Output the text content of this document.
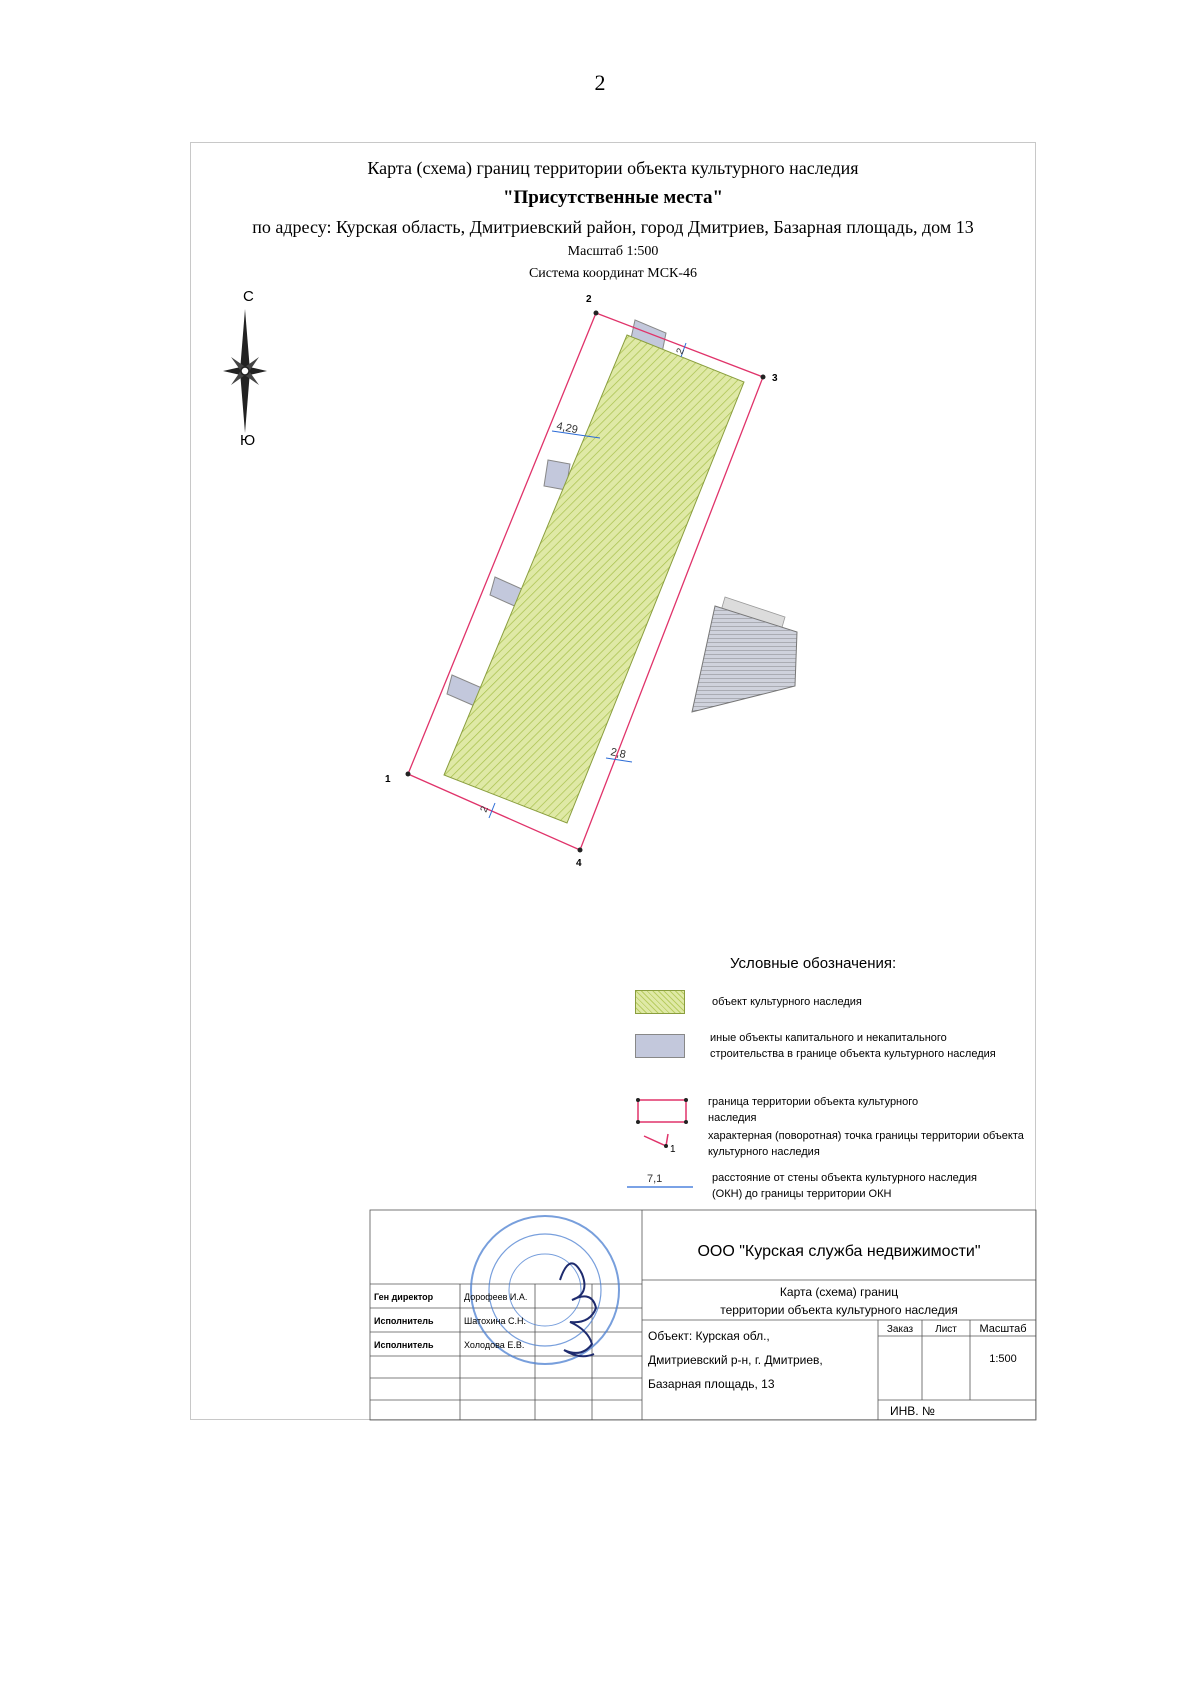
2
Карта (схема) границ территории объекта культурного наследия
"Присутственные места"
по адресу: Курская область, Дмитриевский район, город Дмитриев, Базарная площадь, дом 13
Масштаб 1:500
Система координат МСК-46
С
Ю
1
2
3
4
2
4,29
2,8
2
Условные обозначения:
объект культурного наследия
иные объекты капитального и некапитального строительства в границе объекта культурного наследия
граница территории объекта культурного наследия
1
характерная (поворотная) точка границы территории объекта культурного наследия
7,1	расстояние от стены объекта культурного наследия (ОКН) до границы территории ОКН
Ген директор	Дорофеев И.А.
Исполнитель	Шатохина С.Н.
Исполнитель	Холодова Е.В.
ООО "Курская служба недвижимости"
Карта (схема) границ
территории объекта культурного наследия
Объект: Курская обл.,
Дмитриевский р-н, г. Дмитриев,
Базарная площадь, 13
Заказ Лист Масштаб
1:500
ИНВ. №
